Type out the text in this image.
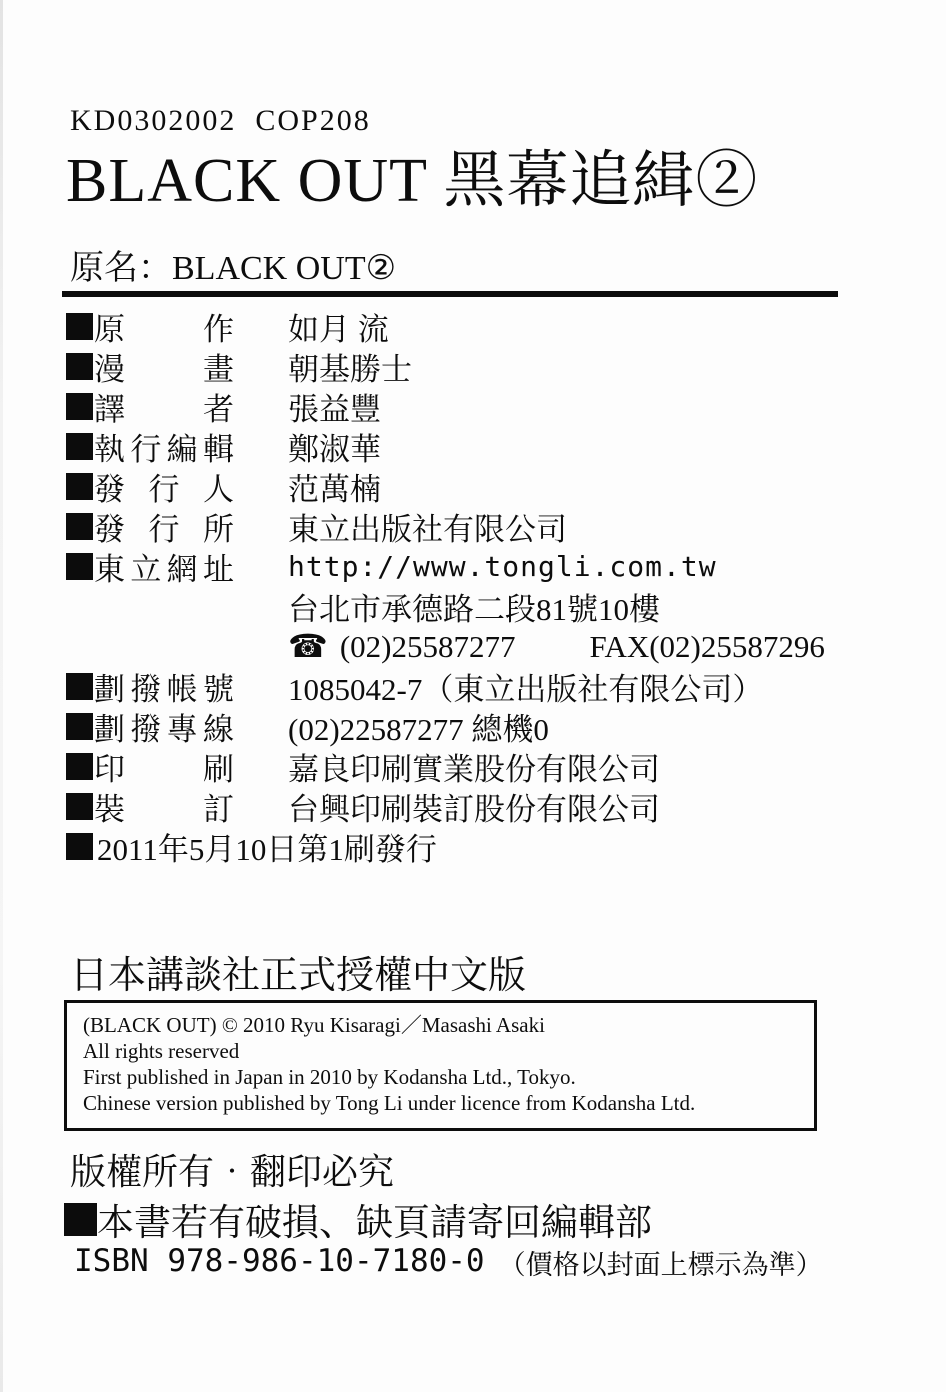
KD0302002  COP208
BLACK OUT 黑幕追緝②
原名：BLACK OUT②
原作 如月 流
漫畫 朝基勝士
譯者 張益豐
執行編輯 鄭淑華
發行人 范萬楠
發行所 東立出版社有限公司
東立網址 http://www.tongli.com.tw
台北市承德路二段81號10樓
☎ (02)25587277 FAX(02)25587296
劃撥帳號 1085042-7（東立出版社有限公司）
劃撥專線 (02)22587277 總機0
印刷 嘉良印刷實業股份有限公司
裝訂 台興印刷裝訂股份有限公司
2011年5月10日第1刷發行
日本講談社正式授權中文版
(BLACK OUT) © 2010 Ryu Kisaragi／Masashi Asaki
All rights reserved
First published in Japan in 2010 by Kodansha Ltd., Tokyo.
Chinese version published by Tong Li under licence from Kodansha Ltd.
版權所有‧翻印必究
本書若有破損、缺頁請寄回編輯部
ISBN 978-986-10-7180-0 （價格以封面上標示為準）
